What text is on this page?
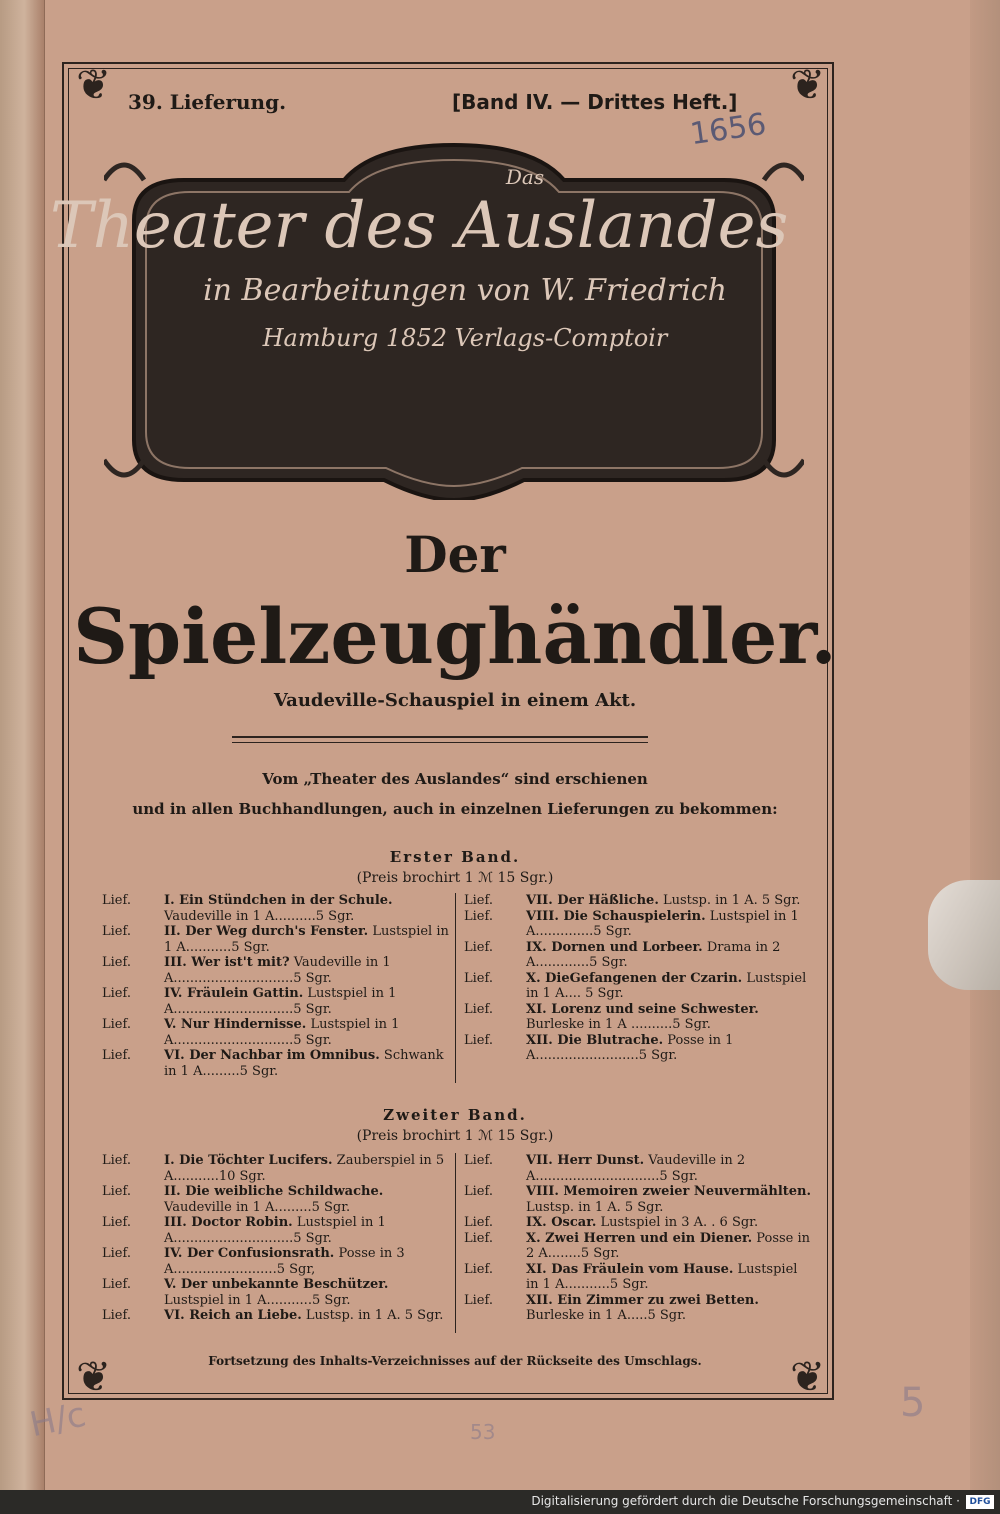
❦	❦
❦	❦
39. Lieferung.	[Band IV. — Drittes Heft.]
1656
Das
Theater des Auslandes
in Bearbeitungen von W. Friedrich
Hamburg 1852 Verlags-Comptoir
Der
Spielzeughändler.
Vaudeville-Schauspiel in einem Akt.
Vom „Theater des Auslandes“ sind erschienen
und in allen Buchhandlungen, auch in einzelnen Lieferungen zu bekommen:
Erster Band.
(Preis brochirt 1 ℳ 15 Sgr.)
Lief.	I. Ein Stündchen in der Schule. Vaudeville in 1 A..........5 Sgr.
Lief.	II. Der Weg durch's Fenster. Lustspiel in 1 A...........5 Sgr.
Lief.	III. Wer ist't mit? Vaudeville in 1 A.............................5 Sgr.
Lief.	IV. Fräulein Gattin. Lustspiel in 1 A.............................5 Sgr.
Lief.	V. Nur Hindernisse. Lustspiel in 1 A.............................5 Sgr.
Lief.	VI. Der Nachbar im Omnibus. Schwank in 1 A.........5 Sgr.
Lief.	VII. Der Häßliche. Lustsp. in 1 A. 5 Sgr.
Lief.	VIII. Die Schauspielerin. Lustspiel in 1 A..............5 Sgr.
Lief.	IX. Dornen und Lorbeer. Drama in 2 A.............5 Sgr.
Lief.	X. DieGefangenen der Czarin. Lustspiel in 1 A.... 5 Sgr.
Lief.	XI. Lorenz und seine Schwester. Burleske in 1 A ..........5 Sgr.
Lief.	XII. Die Blutrache. Posse in 1 A.........................5 Sgr.
Zweiter Band.
(Preis brochirt 1 ℳ 15 Sgr.)
Lief.	I. Die Töchter Lucifers. Zauberspiel in 5 A...........10 Sgr.
Lief.	II. Die weibliche Schildwache. Vaudeville in 1 A.........5 Sgr.
Lief.	III. Doctor Robin. Lustspiel in 1 A.............................5 Sgr.
Lief.	IV. Der Confusionsrath. Posse in 3 A.........................5 Sgr,
Lief.	V. Der unbekannte Beschützer. Lustspiel in 1 A...........5 Sgr.
Lief.	VI. Reich an Liebe. Lustsp. in 1 A. 5 Sgr.
Lief.	VII. Herr Dunst. Vaudeville in 2 A..............................5 Sgr.
Lief.	VIII. Memoiren zweier Neuvermählten. Lustsp. in 1 A. 5 Sgr.
Lief.	IX. Oscar. Lustspiel in 3 A. . 6 Sgr.
Lief.	X. Zwei Herren und ein Diener. Posse in 2 A........5 Sgr.
Lief.	XI. Das Fräulein vom Hause. Lustspiel in 1 A...........5 Sgr.
Lief.	XII. Ein Zimmer zu zwei Betten. Burleske in 1 A.....5 Sgr.
Fortsetzung des Inhalts-Verzeichnisses auf der Rückseite des Umschlags.
H/c	53
5
Digitalisierung gefördert durch die Deutsche Forschungsgemeinschaft ·	DFG
